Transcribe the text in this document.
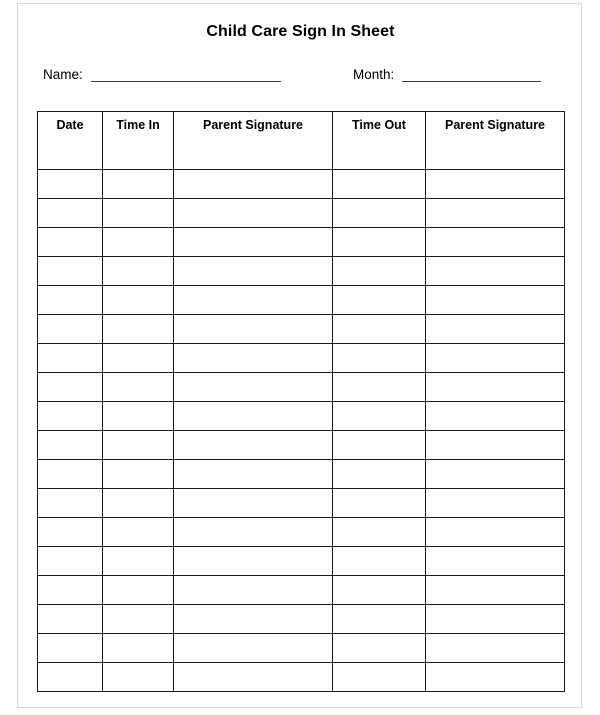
Child Care Sign In Sheet
Name:	Month:
Date	Time In	Parent Signature	Time Out	Parent Signature
